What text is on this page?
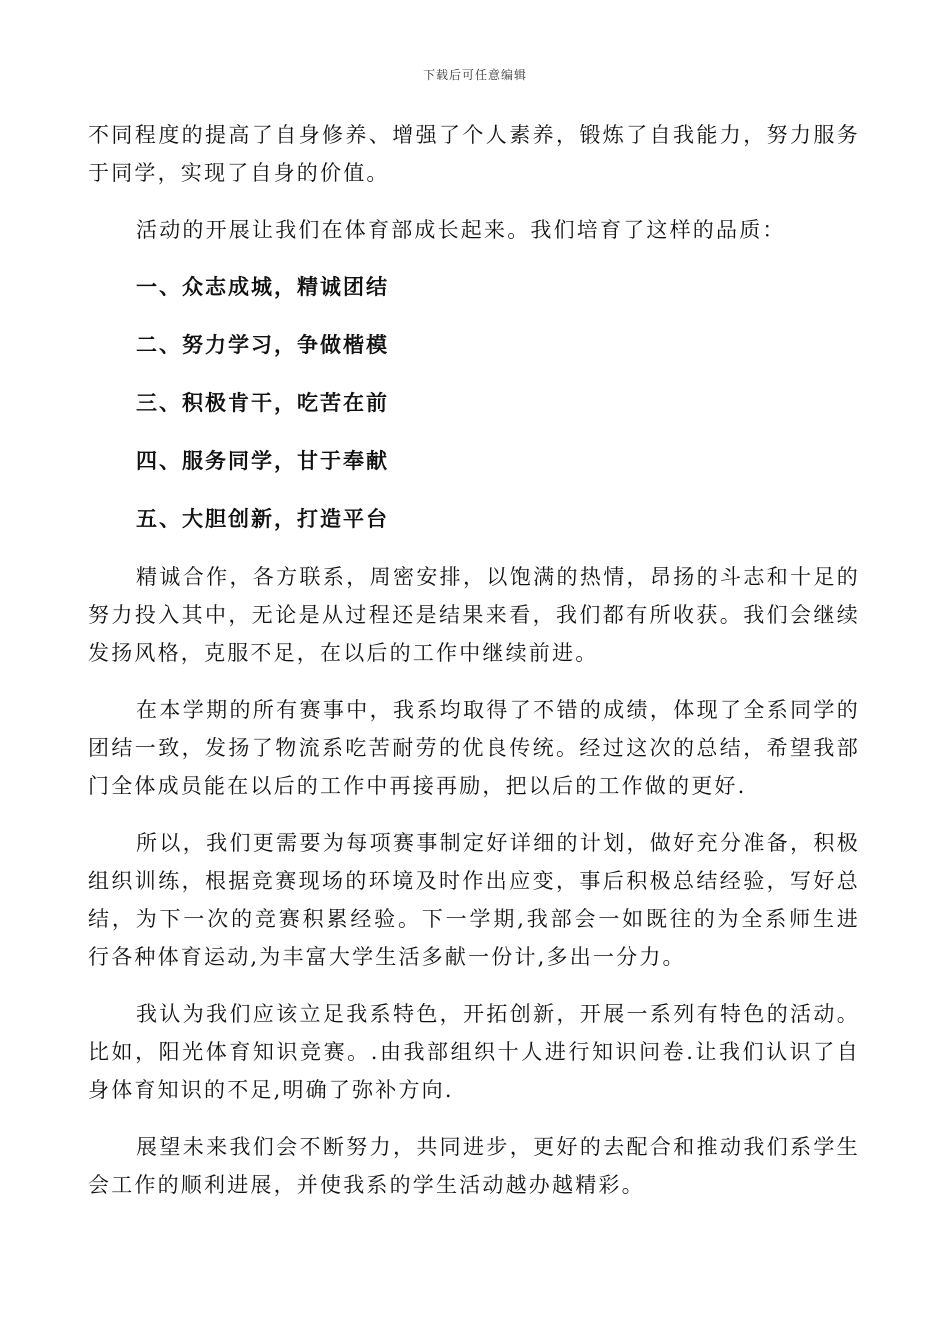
下载后可任意编辑

不同程度的提高了自身修养、增强了个人素养，锻炼了自我能力，努力服务于同学，实现了自身的价值。

活动的开展让我们在体育部成长起来。我们培育了这样的品质：

一、众志成城，精诚团结
二、努力学习，争做楷模
三、积极肯干，吃苦在前
四、服务同学，甘于奉献
五、大胆创新，打造平台

精诚合作，各方联系，周密安排，以饱满的热情，昂扬的斗志和十足的努力投入其中，无论是从过程还是结果来看，我们都有所收获。我们会继续发扬风格，克服不足，在以后的工作中继续前进。

在本学期的所有赛事中，我系均取得了不错的成绩，体现了全系同学的团结一致，发扬了物流系吃苦耐劳的优良传统。经过这次的总结，希望我部门全体成员能在以后的工作中再接再励，把以后的工作做的更好.

所以，我们更需要为每项赛事制定好详细的计划，做好充分准备，积极组织训练，根据竞赛现场的环境及时作出应变，事后积极总结经验，写好总结，为下一次的竞赛积累经验。下一学期,我部会一如既往的为全系师生进行各种体育运动,为丰富大学生活多献一份计,多出一分力。

我认为我们应该立足我系特色，开拓创新，开展一系列有特色的活动。比如，阳光体育知识竞赛。.由我部组织十人进行知识问卷.让我们认识了自身体育知识的不足,明确了弥补方向.

展望未来我们会不断努力，共同进步，更好的去配合和推动我们系学生会工作的顺利进展，并使我系的学生活动越办越精彩。
